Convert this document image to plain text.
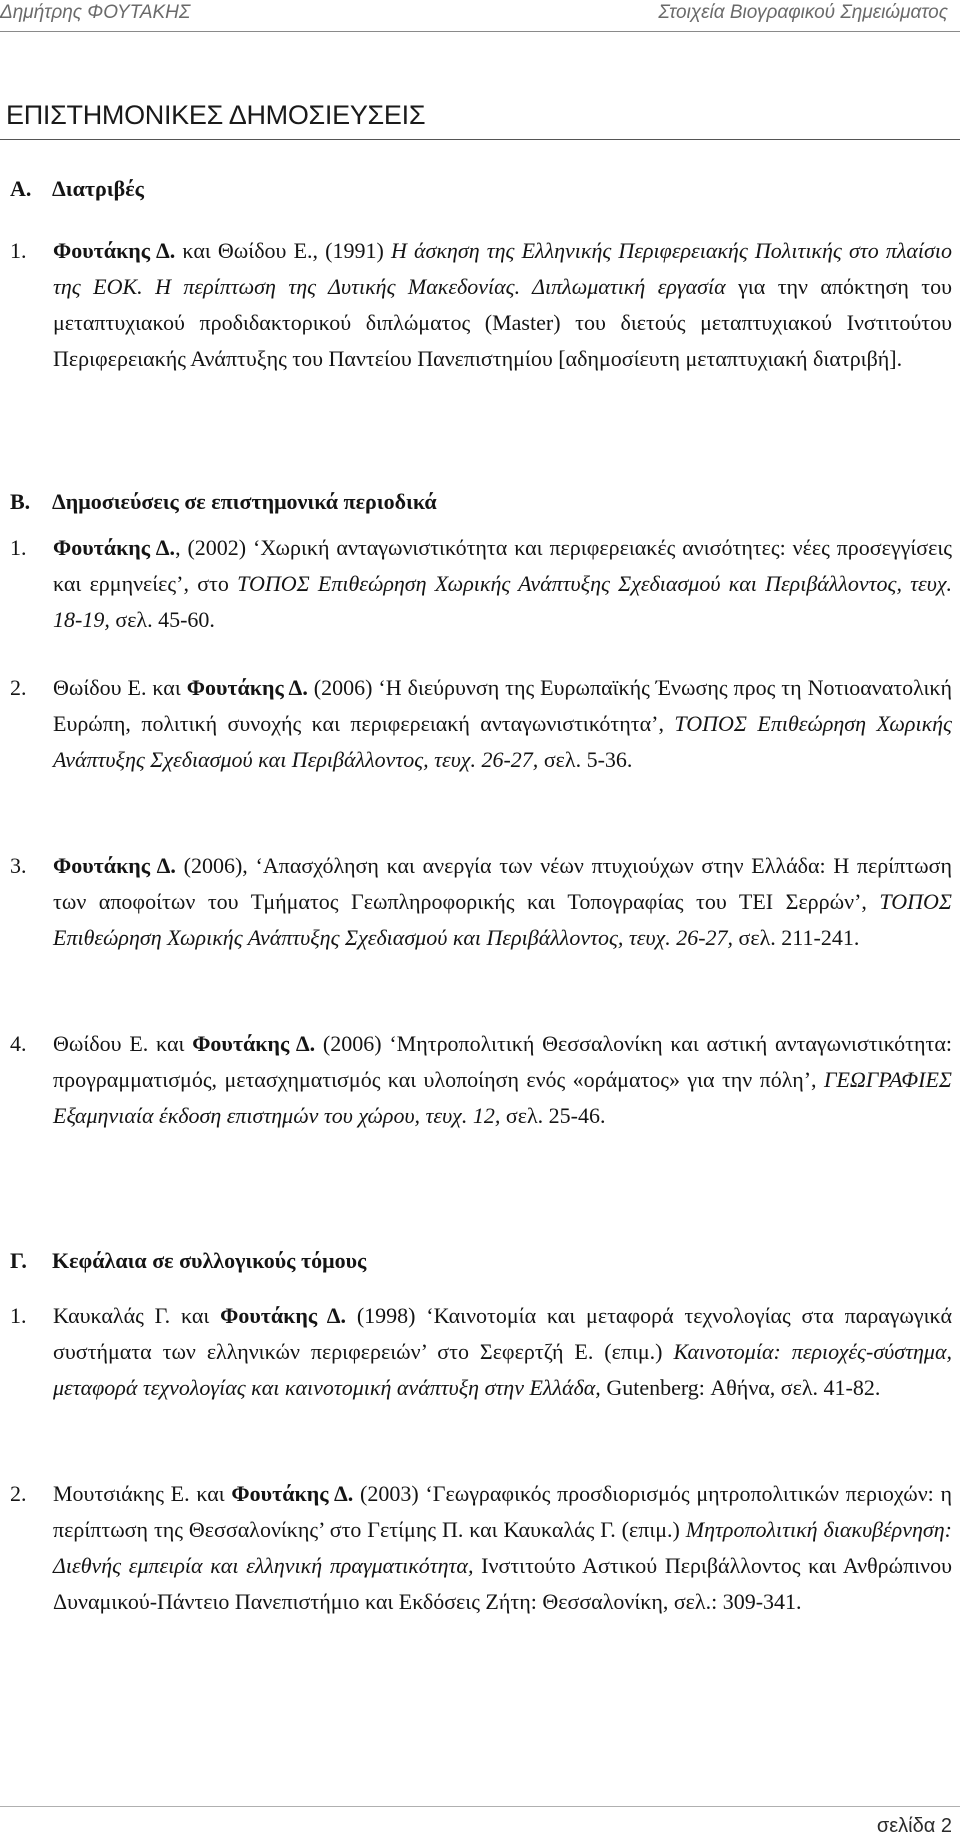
Δημήτρης ΦΟΥΤΑΚΗΣ	Στοιχεία Βιογραφικού Σημειώματος
ΕΠΙΣΤΗΜΟΝΙΚΕΣ ΔΗΜΟΣΙΕΥΣΕΙΣ
Α. Διατριβές
1. Φουτάκης Δ. και Θωίδου Ε., (1991) Η άσκηση της Ελληνικής Περιφερειακής Πολιτικής στο πλαίσιο της ΕΟΚ. Η περίπτωση της Δυτικής Μακεδονίας. Διπλωματική εργασία για την απόκτηση του μεταπτυχιακού προδιδακτορικού διπλώματος (Master) του διετούς μεταπτυχιακού Ινστιτούτου Περιφερειακής Ανάπτυξης του Παντείου Πανεπιστημίου [αδημοσίευτη μεταπτυχιακή διατριβή].
Β. Δημοσιεύσεις σε επιστημονικά περιοδικά
1. Φουτάκης Δ., (2002) ‘Χωρική ανταγωνιστικότητα και περιφερειακές ανισότητες: νέες προσεγγίσεις και ερμηνείες’, στο ΤΟΠΟΣ Επιθεώρηση Χωρικής Ανάπτυξης Σχεδιασμού και Περιβάλλοντος, τευχ. 18-19, σελ. 45-60.
2. Θωίδου Ε. και Φουτάκης Δ. (2006) ‘Η διεύρυνση της Ευρωπαϊκής Ένωσης προς τη Νοτιοανατολική Ευρώπη, πολιτική συνοχής και περιφερειακή ανταγωνιστικότητα’, ΤΟΠΟΣ Επιθεώρηση Χωρικής Ανάπτυξης Σχεδιασμού και Περιβάλλοντος, τευχ. 26-27, σελ. 5-36.
3. Φουτάκης Δ. (2006), ‘Απασχόληση και ανεργία των νέων πτυχιούχων στην Ελλάδα: Η περίπτωση των αποφοίτων του Τμήματος Γεωπληροφορικής και Τοπογραφίας του ΤΕΙ Σερρών’, ΤΟΠΟΣ Επιθεώρηση Χωρικής Ανάπτυξης Σχεδιασμού και Περιβάλλοντος, τευχ. 26-27, σελ. 211-241.
4. Θωίδου Ε. και Φουτάκης Δ. (2006) ‘Μητροπολιτική Θεσσαλονίκη και αστική ανταγωνιστικότητα: προγραμματισμός, μετασχηματισμός και υλοποίηση ενός «οράματος» για την πόλη’, ΓΕΩΓΡΑΦΙΕΣ Εξαμηνιαία έκδοση επιστημών του χώρου, τευχ. 12, σελ. 25-46.
Γ. Κεφάλαια σε συλλογικούς τόμους
1. Καυκαλάς Γ. και Φουτάκης Δ. (1998) ‘Καινοτομία και μεταφορά τεχνολογίας στα παραγωγικά συστήματα των ελληνικών περιφερειών’ στο Σεφερτζή Ε. (επιμ.) Καινοτομία: περιοχές-σύστημα, μεταφορά τεχνολογίας και καινοτομική ανάπτυξη στην Ελλάδα, Gutenberg: Αθήνα, σελ. 41-82.
2. Μουτσιάκης Ε. και Φουτάκης Δ. (2003) ‘Γεωγραφικός προσδιορισμός μητροπολιτικών περιοχών: η περίπτωση της Θεσσαλονίκης’ στο Γετίμης Π. και Καυκαλάς Γ. (επιμ.) Μητροπολιτική διακυβέρνηση: Διεθνής εμπειρία και ελληνική πραγματικότητα, Ινστιτούτο Αστικού Περιβάλλοντος και Ανθρώπινου Δυναμικού-Πάντειο Πανεπιστήμιο και Εκδόσεις Ζήτη: Θεσσαλονίκη, σελ.: 309-341.
σελίδα 2
